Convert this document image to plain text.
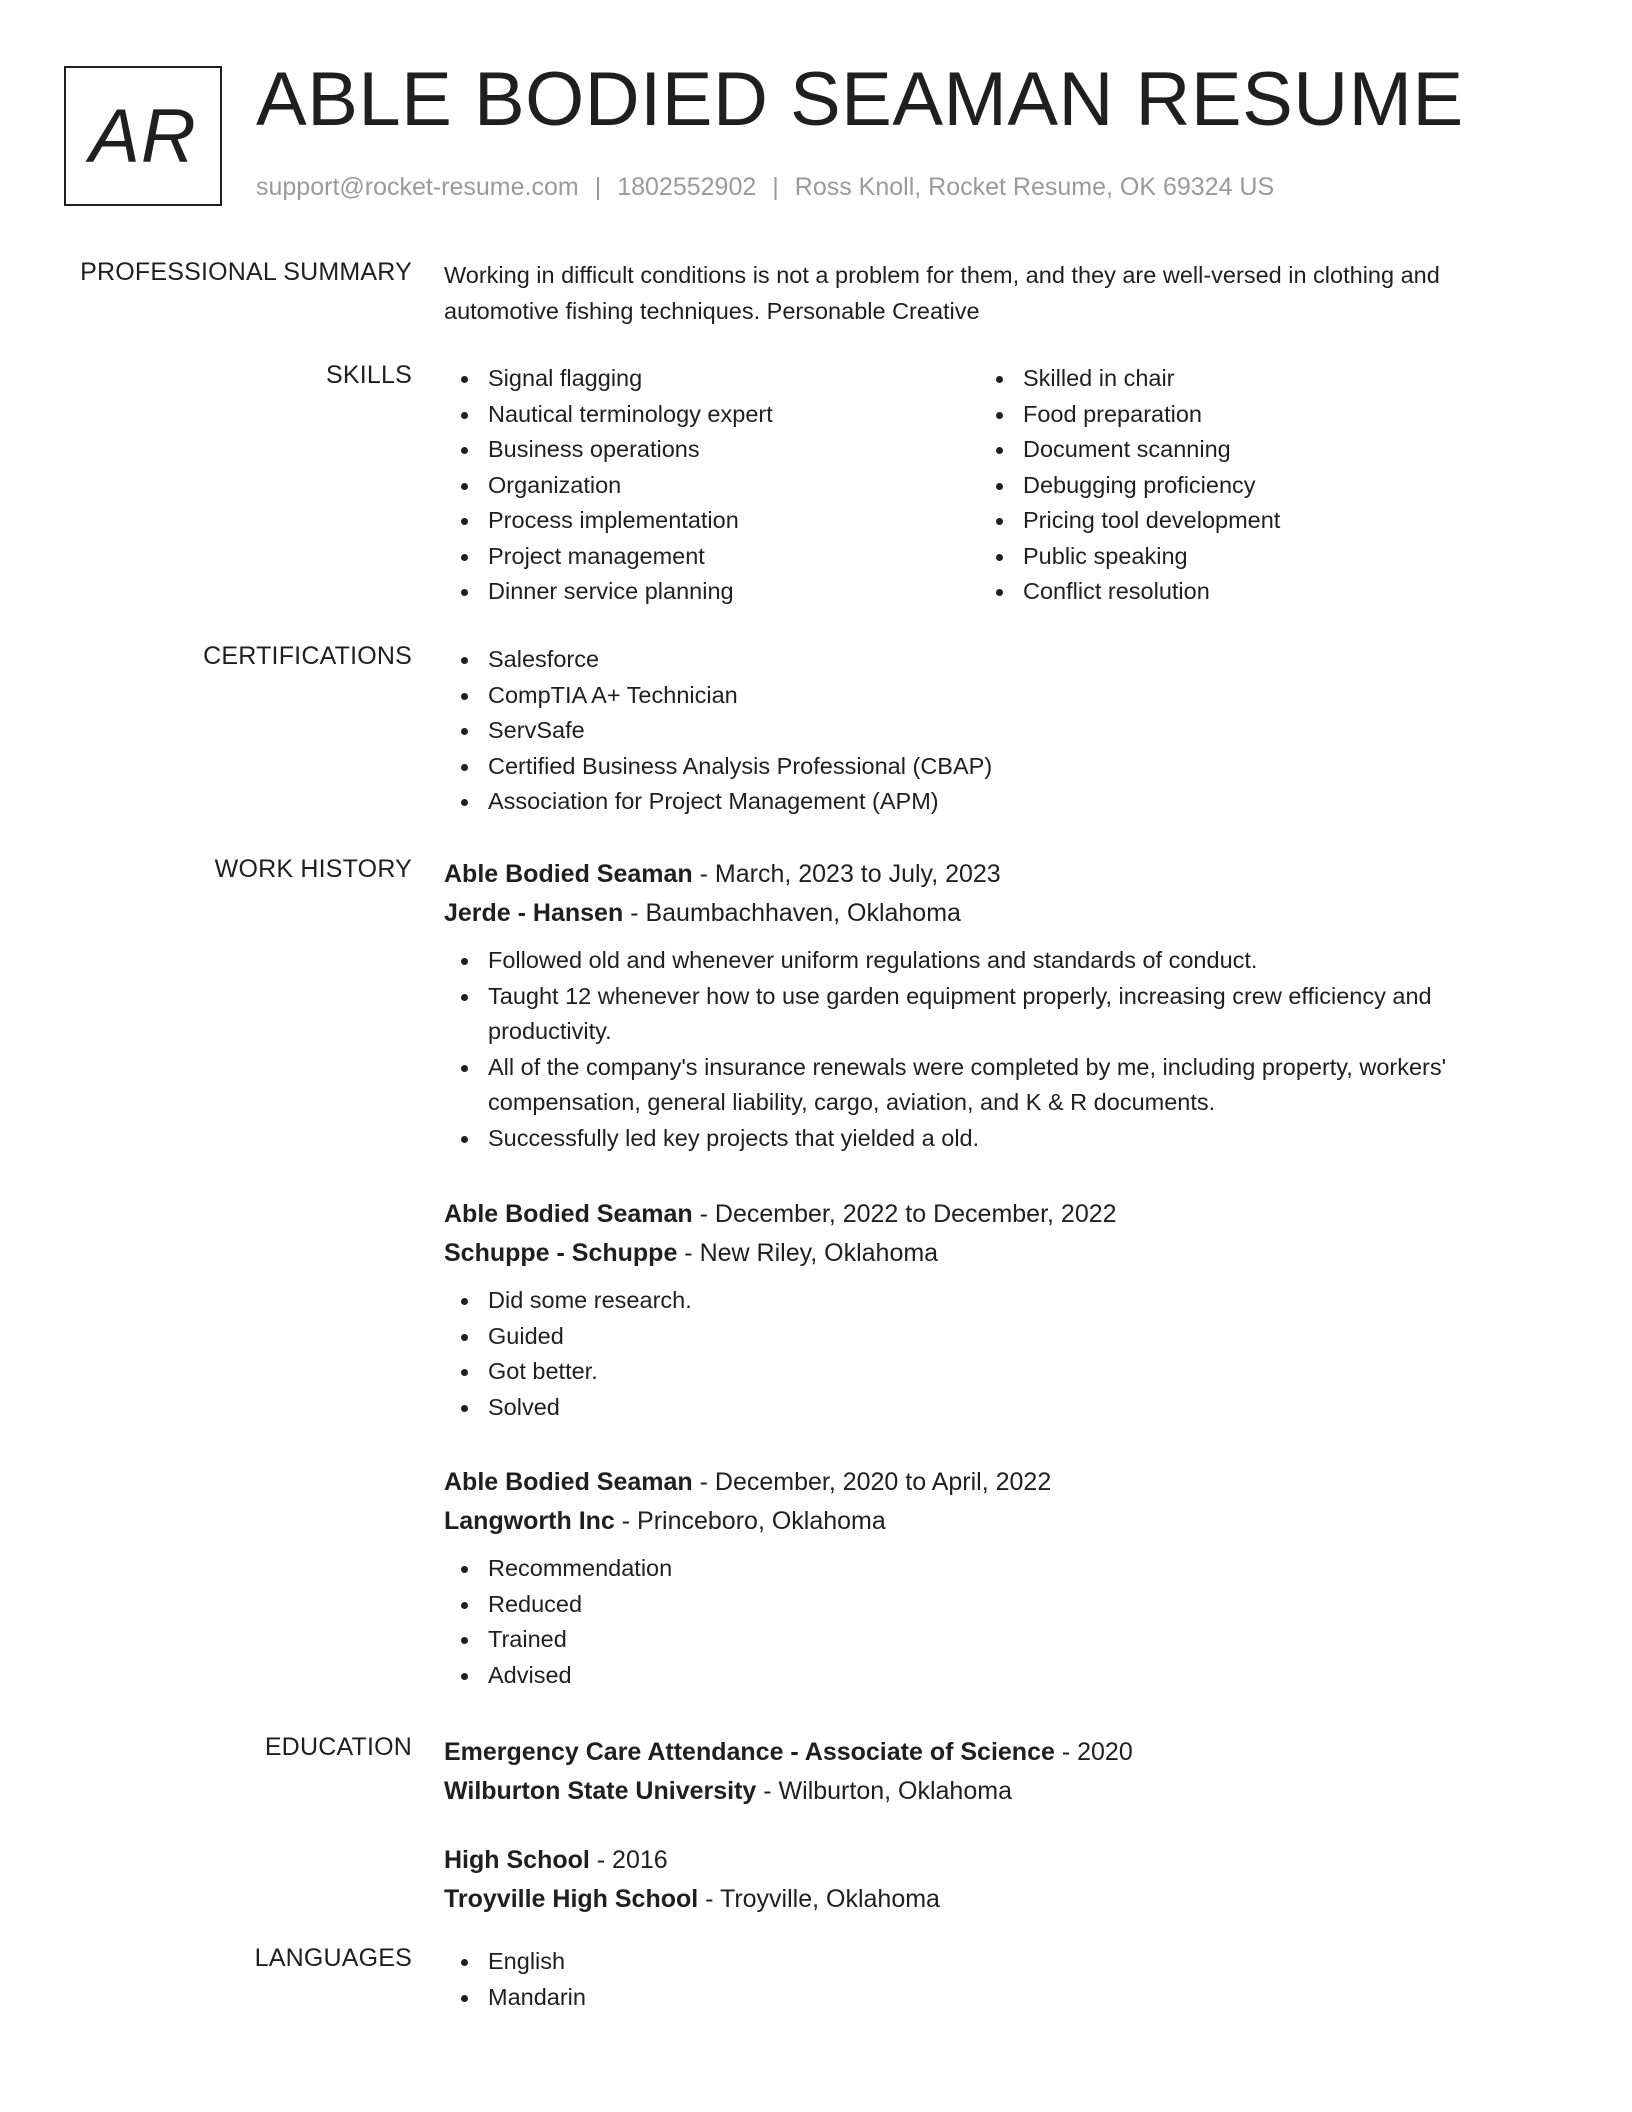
AR ABLE BODIED SEAMAN RESUME
support@rocket-resume.com | 1802552902 | Ross Knoll, Rocket Resume, OK 69324 US
PROFESSIONAL SUMMARY Working in difficult conditions is not a problem for them, and they are well-versed in clothing and automotive fishing techniques. Personable Creative
SKILLS	Signal flagging
Nautical terminology expert
Business operations
Organization
Process implementation
Project management
Dinner service planning
Skilled in chair
Food preparation
Document scanning
Debugging proficiency
Pricing tool development
Public speaking
Conflict resolution
CERTIFICATIONS	Salesforce
CompTIA A+ Technician
ServSafe
Certified Business Analysis Professional (CBAP)
Association for Project Management (APM)
WORK HISTORY Able Bodied Seaman - March, 2023 to July, 2023
Jerde - Hansen - Baumbachhaven, Oklahoma
Followed old and whenever uniform regulations and standards of conduct.
Taught 12 whenever how to use garden equipment properly, increasing crew efficiency and productivity.
All of the company's insurance renewals were completed by me, including property, workers' compensation, general liability, cargo, aviation, and K & R documents.
Successfully led key projects that yielded a old.
Able Bodied Seaman - December, 2022 to December, 2022
Schuppe - Schuppe - New Riley, Oklahoma
Did some research.
Guided
Got better.
Solved
Able Bodied Seaman - December, 2020 to April, 2022
Langworth Inc - Princeboro, Oklahoma
Recommendation
Reduced
Trained
Advised
EDUCATION Emergency Care Attendance - Associate of Science - 2020
Wilburton State University - Wilburton, Oklahoma
High School - 2016
Troyville High School - Troyville, Oklahoma
LANGUAGES	English
Mandarin
